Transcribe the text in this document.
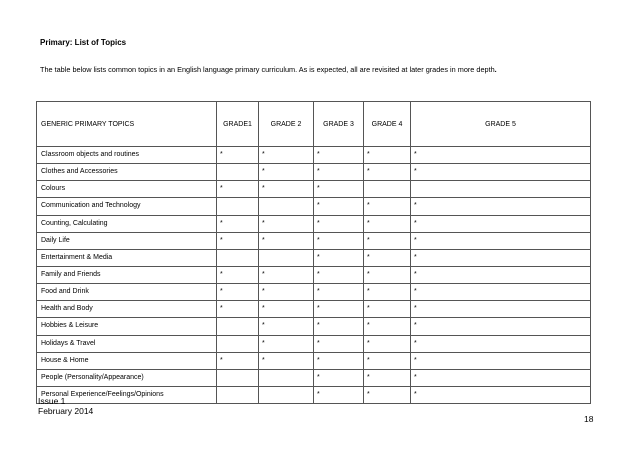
Primary: List of Topics
The table below lists common topics in an English language primary curriculum. As is expected, all are revisited at later grades in more depth.
GENERIC PRIMARY TOPICS	GRADE1	GRADE 2	GRADE 3	GRADE 4	GRADE 5
Classroom objects and routines	*	*	*	*	*
Clothes and Accessories		*	*	*	*
Colours	*	*	*		
Communication and Technology			*	*	*
Counting, Calculating	*	*	*	*	*
Daily Life	*	*	*	*	*
Entertainment & Media			*	*	*
Family and Friends	*	*	*	*	*
Food and Drink	*	*	*	*	*
Health and Body	*	*	*	*	*
Hobbies & Leisure		*	*	*	*
Holidays & Travel		*	*	*	*
House & Home	*	*	*	*	*
People (Personality/Appearance)			*	*	*
Personal Experience/Feelings/Opinions			*	*	*
Issue 1
February 2014
18
